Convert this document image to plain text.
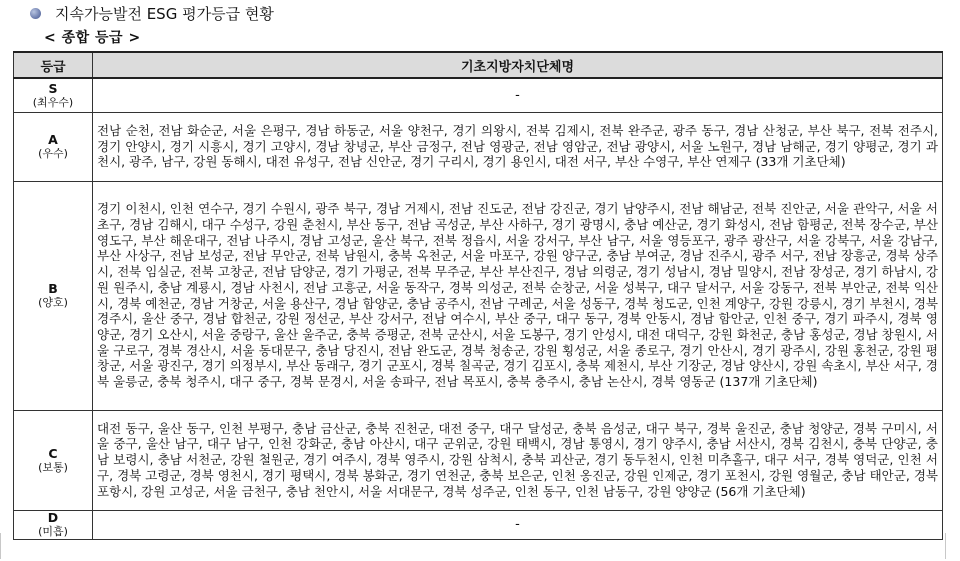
지속가능발전 ESG 평가등급 현황
< 종합 등급 >
등급	기초지방자치단체명

S
(최우수)	-

A
(우수)	전남 순천, 전남 화순군, 서울 은평구, 경남 하동군, 서울 양천구, 경기 의왕시, 전북 김제시, 전북 완주군, 광주 동구, 경남 산청군, 부산 북구, 전북 전주시, 경기 안양시, 경기 시흥시, 경기 고양시, 경남 창녕군, 부산 금정구, 전남 영광군, 전남 영암군, 전남 광양시, 서울 노원구, 경남 남해군, 경기 양평군, 경기 과천시, 광주, 남구, 강원 동해시, 대전 유성구, 전남 신안군, 경기 구리시, 경기 용인시, 대전 서구, 부산 수영구, 부산 연제구 (33개 기초단체)

B
(양호)	경기 이천시, 인천 연수구, 경기 수원시, 광주 북구, 경남 거제시, 전남 진도군, 전남 강진군, 경기 남양주시, 전남 해남군, 전북 진안군, 서울 관악구, 서울 서초구, 경남 김해시, 대구 수성구, 강원 춘천시, 부산 동구, 전남 곡성군, 부산 사하구, 경기 광명시, 충남 예산군, 경기 화성시, 전남 함평군, 전북 장수군, 부산 영도구, 부산 해운대구, 전남 나주시, 경남 고성군, 울산 북구, 전북 정읍시, 서울 강서구, 부산 남구, 서울 영등포구, 광주 광산구, 서울 강북구, 서울 강남구, 부산 사상구, 전남 보성군, 전남 무안군, 전북 남원시, 충북 옥천군, 서울 마포구, 강원 양구군, 충남 부여군, 경남 진주시, 광주 서구, 전남 장흥군, 경북 상주시, 전북 임실군, 전북 고창군, 전남 담양군, 경기 가평군, 전북 무주군, 부산 부산진구, 경남 의령군, 경기 성남시, 경남 밀양시, 전남 장성군, 경기 하남시, 강원 원주시, 충남 계룡시, 경남 사천시, 전남 고흥군, 서울 동작구, 경북 의성군, 전북 순창군, 서울 성북구, 대구 달서구, 서울 강동구, 전북 부안군, 전북 익산시, 경북 예천군, 경남 거창군, 서울 용산구, 경남 함양군, 충남 공주시, 전남 구례군, 서울 성동구, 경북 청도군, 인천 계양구, 강원 강릉시, 경기 부천시, 경북 경주시, 울산 중구, 경남 합천군, 강원 정선군, 부산 강서구, 전남 여수시, 부산 중구, 대구 동구, 경북 안동시, 경남 함안군, 인천 중구, 경기 파주시, 경북 영양군, 경기 오산시, 서울 중랑구, 울산 울주군, 충북 증평군, 전북 군산시, 서울 도봉구, 경기 안성시, 대전 대덕구, 강원 화천군, 충남 홍성군, 경남 창원시, 서울 구로구, 경북 경산시, 서울 동대문구, 충남 당진시, 전남 완도군, 경북 청송군, 강원 횡성군, 서울 종로구, 경기 안산시, 경기 광주시, 강원 홍천군, 강원 평창군, 서울 광진구, 경기 의정부시, 부산 동래구, 경기 군포시, 경북 칠곡군, 경기 김포시, 충북 제천시, 부산 기장군, 경남 양산시, 강원 속초시, 부산 서구, 경북 울릉군, 충북 청주시, 대구 중구, 경북 문경시, 서울 송파구, 전남 목포시, 충북 충주시, 충남 논산시, 경북 영동군 (137개 기초단체)

C
(보통)	대전 동구, 울산 동구, 인천 부평구, 충남 금산군, 충북 진천군, 대전 중구, 대구 달성군, 충북 음성군, 대구 북구, 경북 울진군, 충남 청양군, 경북 구미시, 서울 중구, 울산 남구, 대구 남구, 인천 강화군, 충남 아산시, 대구 군위군, 강원 태백시, 경남 통영시, 경기 양주시, 충남 서산시, 경북 김천시, 충북 단양군, 충남 보령시, 충남 서천군, 강원 철원군, 경기 여주시, 경북 영주시, 강원 삼척시, 충북 괴산군, 경기 동두천시, 인천 미추홀구, 대구 서구, 경북 영덕군, 인천 서구, 경북 고령군, 경북 영천시, 경기 평택시, 경북 봉화군, 경기 연천군, 충북 보은군, 인천 옹진군, 강원 인제군, 경기 포천시, 강원 영월군, 충남 태안군, 경북 포항시, 강원 고성군, 서울 금천구, 충남 천안시, 서울 서대문구, 경북 성주군, 인천 동구, 인천 남동구, 강원 양양군 (56개 기초단체)

D
(미흡)	-
